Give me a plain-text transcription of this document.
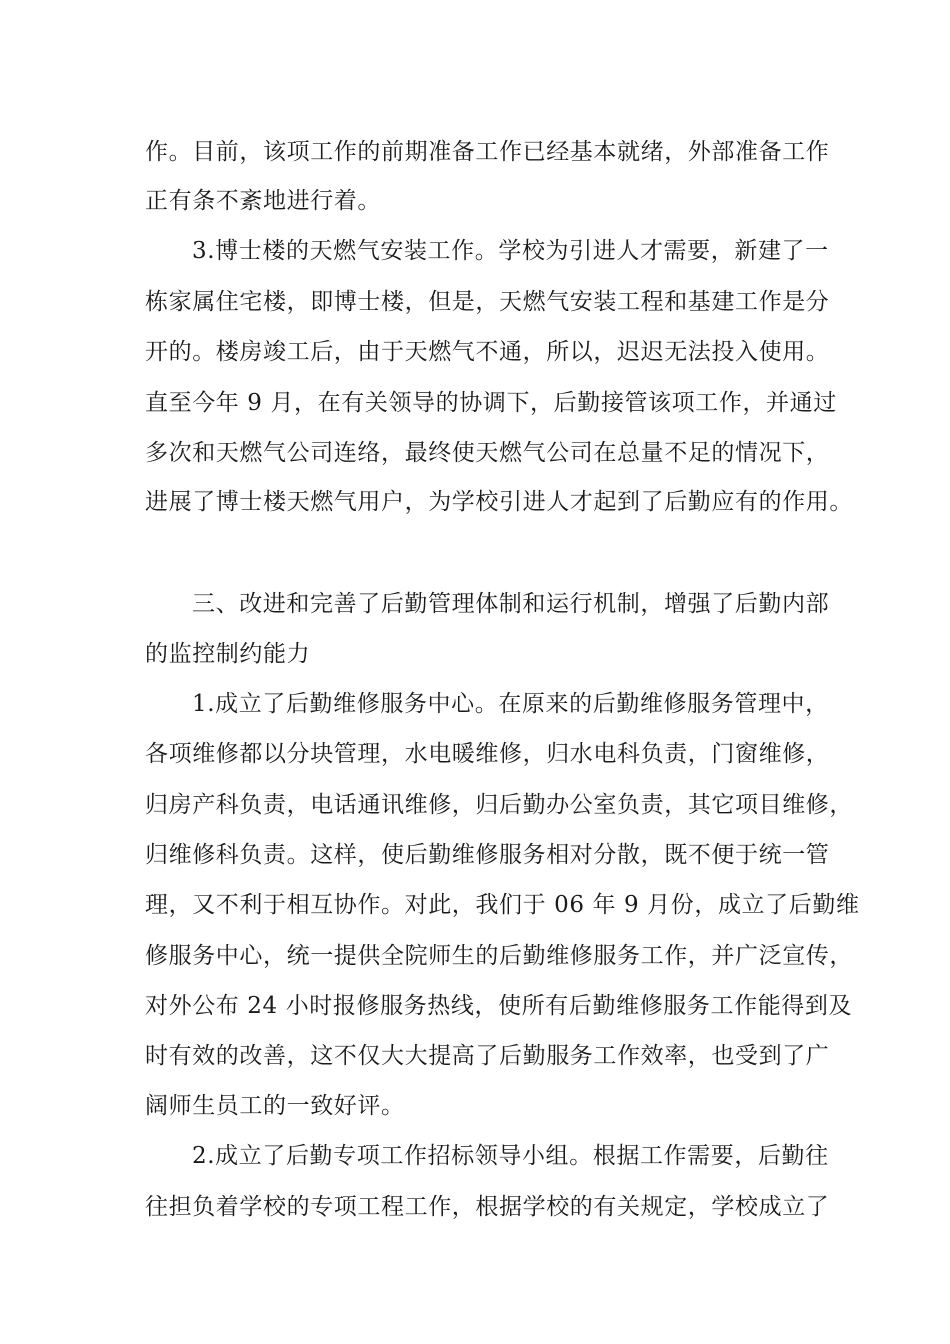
作。目前，该项工作的前期准备工作已经基本就绪，外部准备工作
正有条不紊地进行着。
3.博士楼的天燃气安装工作。学校为引进人才需要，新建了一
栋家属住宅楼，即博士楼，但是，天燃气安装工程和基建工作是分
开的。楼房竣工后，由于天燃气不通，所以，迟迟无法投入使用。
直至今年 9 月，在有关领导的协调下，后勤接管该项工作，并通过
多次和天燃气公司连络，最终使天燃气公司在总量不足的情况下，
进展了博士楼天燃气用户，为学校引进人才起到了后勤应有的作用。
三、改进和完善了后勤管理体制和运行机制，增强了后勤内部
的监控制约能力
1.成立了后勤维修服务中心。在原来的后勤维修服务管理中，
各项维修都以分块管理，水电暖维修，归水电科负责，门窗维修，
归房产科负责，电话通讯维修，归后勤办公室负责，其它项目维修，
归维修科负责。这样，使后勤维修服务相对分散，既不便于统一管
理，又不利于相互协作。对此，我们于 06 年 9 月份，成立了后勤维
修服务中心，统一提供全院师生的后勤维修服务工作，并广泛宣传，
对外公布 24 小时报修服务热线，使所有后勤维修服务工作能得到及
时有效的改善，这不仅大大提高了后勤服务工作效率，也受到了广
阔师生员工的一致好评。
2.成立了后勤专项工作招标领导小组。根据工作需要，后勤往
往担负着学校的专项工程工作，根据学校的有关规定，学校成立了
